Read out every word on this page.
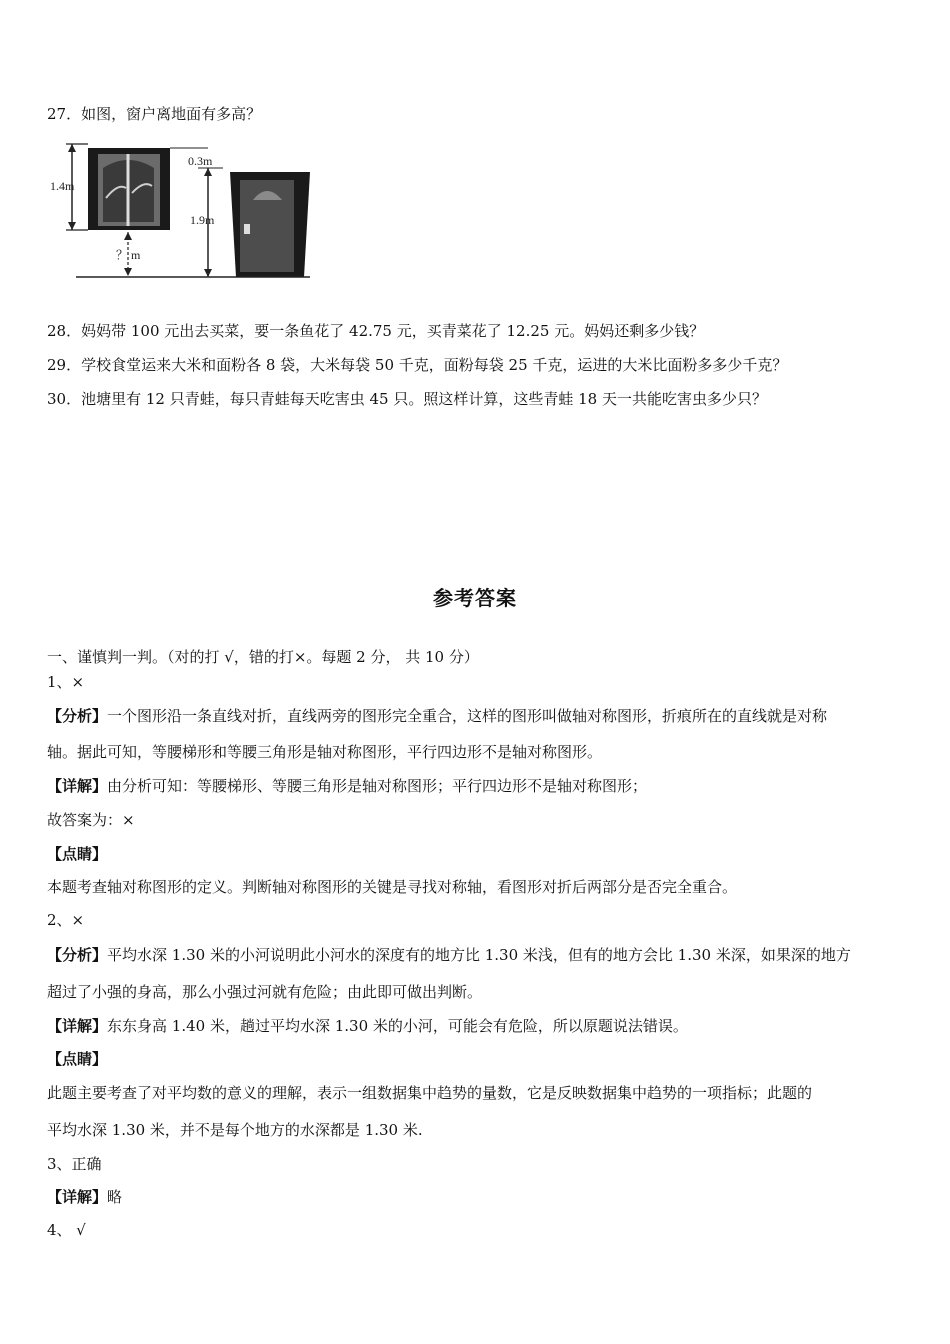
27．如图，窗户离地面有多高？
1.4m
0.3m
？ m
1.9m
28．妈妈带 100 元出去买菜，要一条鱼花了 42.75 元，买青菜花了 12.25 元。妈妈还剩多少钱？
29．学校食堂运来大米和面粉各 8 袋，大米每袋 50 千克，面粉每袋 25 千克，运进的大米比面粉多多少千克？
30．池塘里有 12 只青蛙，每只青蛙每天吃害虫 45 只。照这样计算，这些青蛙 18 天一共能吃害虫多少只？
参考答案
一、谨慎判一判。（对的打 √，错的打×。每题 2 分， 共 10 分）
1、×
【分析】一个图形沿一条直线对折，直线两旁的图形完全重合，这样的图形叫做轴对称图形，折痕所在的直线就是对称
轴。据此可知，等腰梯形和等腰三角形是轴对称图形，平行四边形不是轴对称图形。
【详解】由分析可知：等腰梯形、等腰三角形是轴对称图形；平行四边形不是轴对称图形；
故答案为：×
【点睛】
本题考查轴对称图形的定义。判断轴对称图形的关键是寻找对称轴，看图形对折后两部分是否完全重合。
2、×
【分析】平均水深 1.30 米的小河说明此小河水的深度有的地方比 1.30 米浅，但有的地方会比 1.30 米深，如果深的地方
超过了小强的身高，那么小强过河就有危险；由此即可做出判断。
【详解】东东身高 1.40 米，趟过平均水深 1.30 米的小河，可能会有危险，所以原题说法错误。
【点睛】
此题主要考查了对平均数的意义的理解，表示一组数据集中趋势的量数，它是反映数据集中趋势的一项指标；此题的
平均水深 1.30 米，并不是每个地方的水深都是 1.30 米.
3、正确
【详解】略
4、 √
